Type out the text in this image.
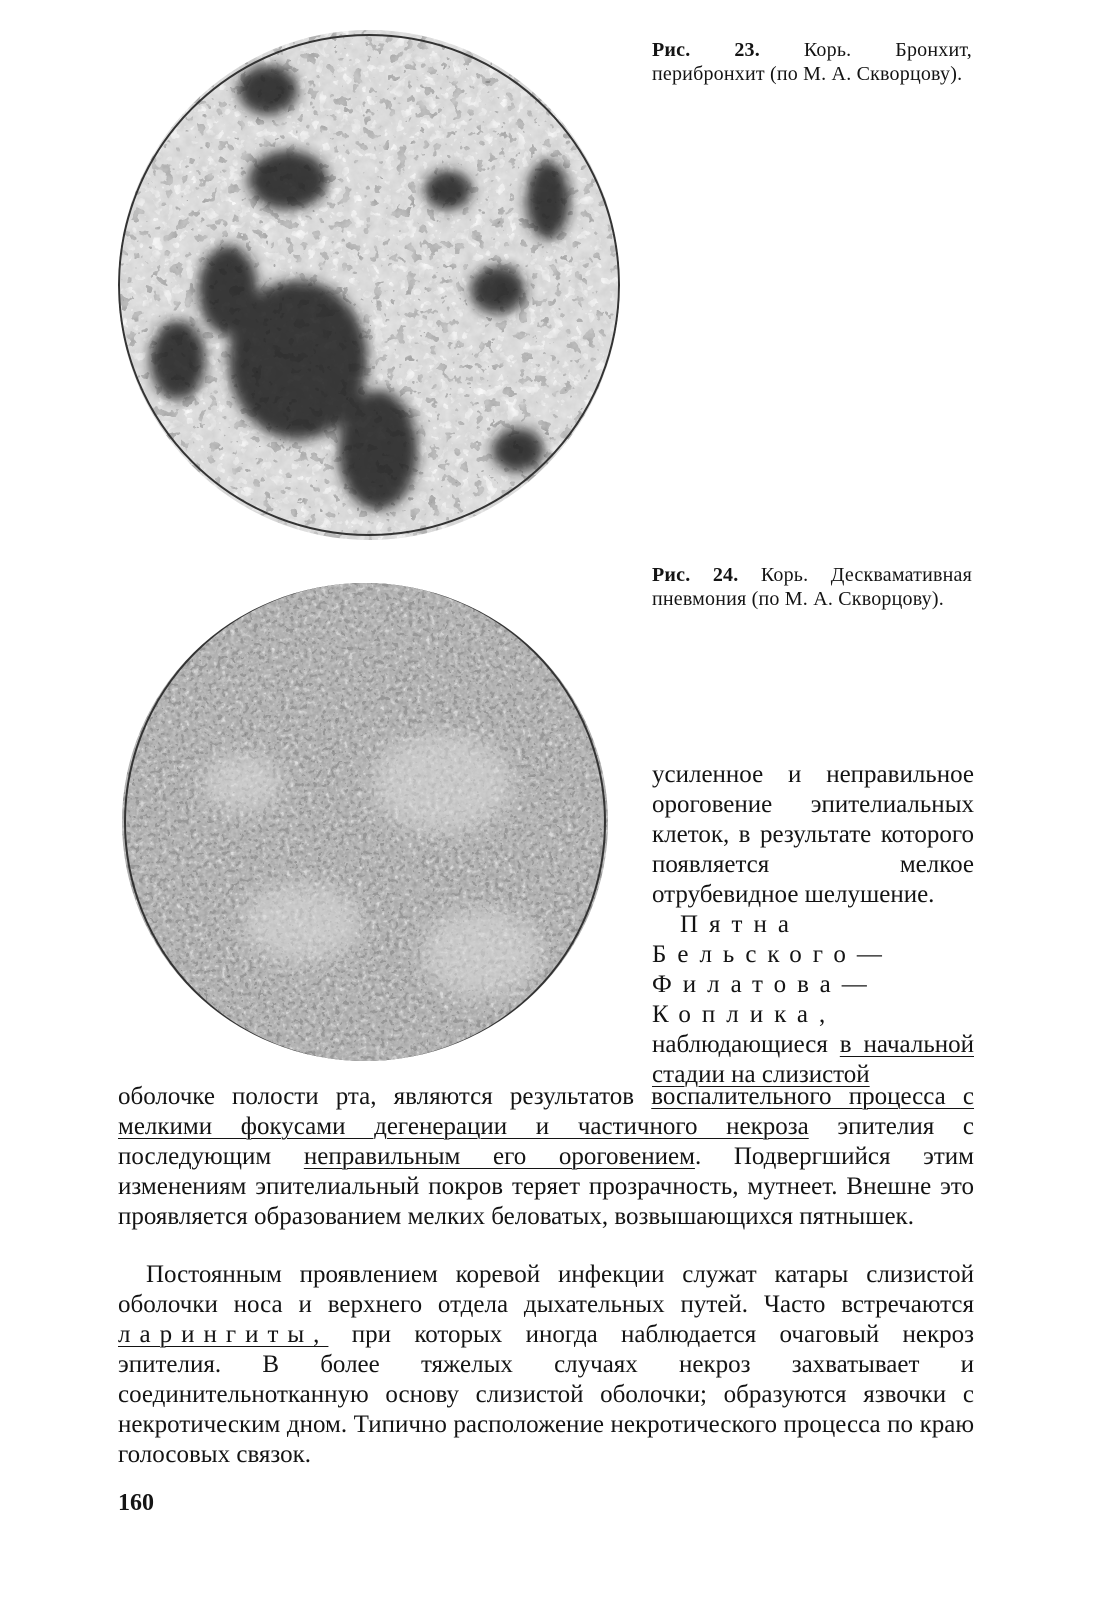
Рис. 23. Корь. Бронхит, перибронхит (по М. А. Скворцову).
Рис. 24. Корь. Десквамативная пневмония (по М. А. Скворцову).
усиленное и неправильное ороговение эпителиальных клеток, в результате которого появляется мелкое отрубевидное шелушение.
Пятна Бельского—Филатова—Коплика, наблюдающиеся в начальной стадии на слизистой
оболочке полости рта, являются результатов воспалительного процесса с мелкими фокусами дегенерации и частичного некроза эпителия с последующим неправильным его ороговением. Подвергшийся этим изменениям эпителиальный покров теряет прозрачность, мутнеет. Внешне это проявляется образованием мелких беловатых, возвышающихся пятнышек.
Постоянным проявлением коревой инфекции служат катары слизистой оболочки носа и верхнего отдела дыхательных путей. Часто встречаются ларингиты, при которых иногда наблюдается очаговый некроз эпителия. В более тяжелых случаях некроз захватывает и соединительнотканную основу слизистой оболочки; образуются язвочки с некротическим дном. Типично расположение некротического процесса по краю голосовых связок.
160
